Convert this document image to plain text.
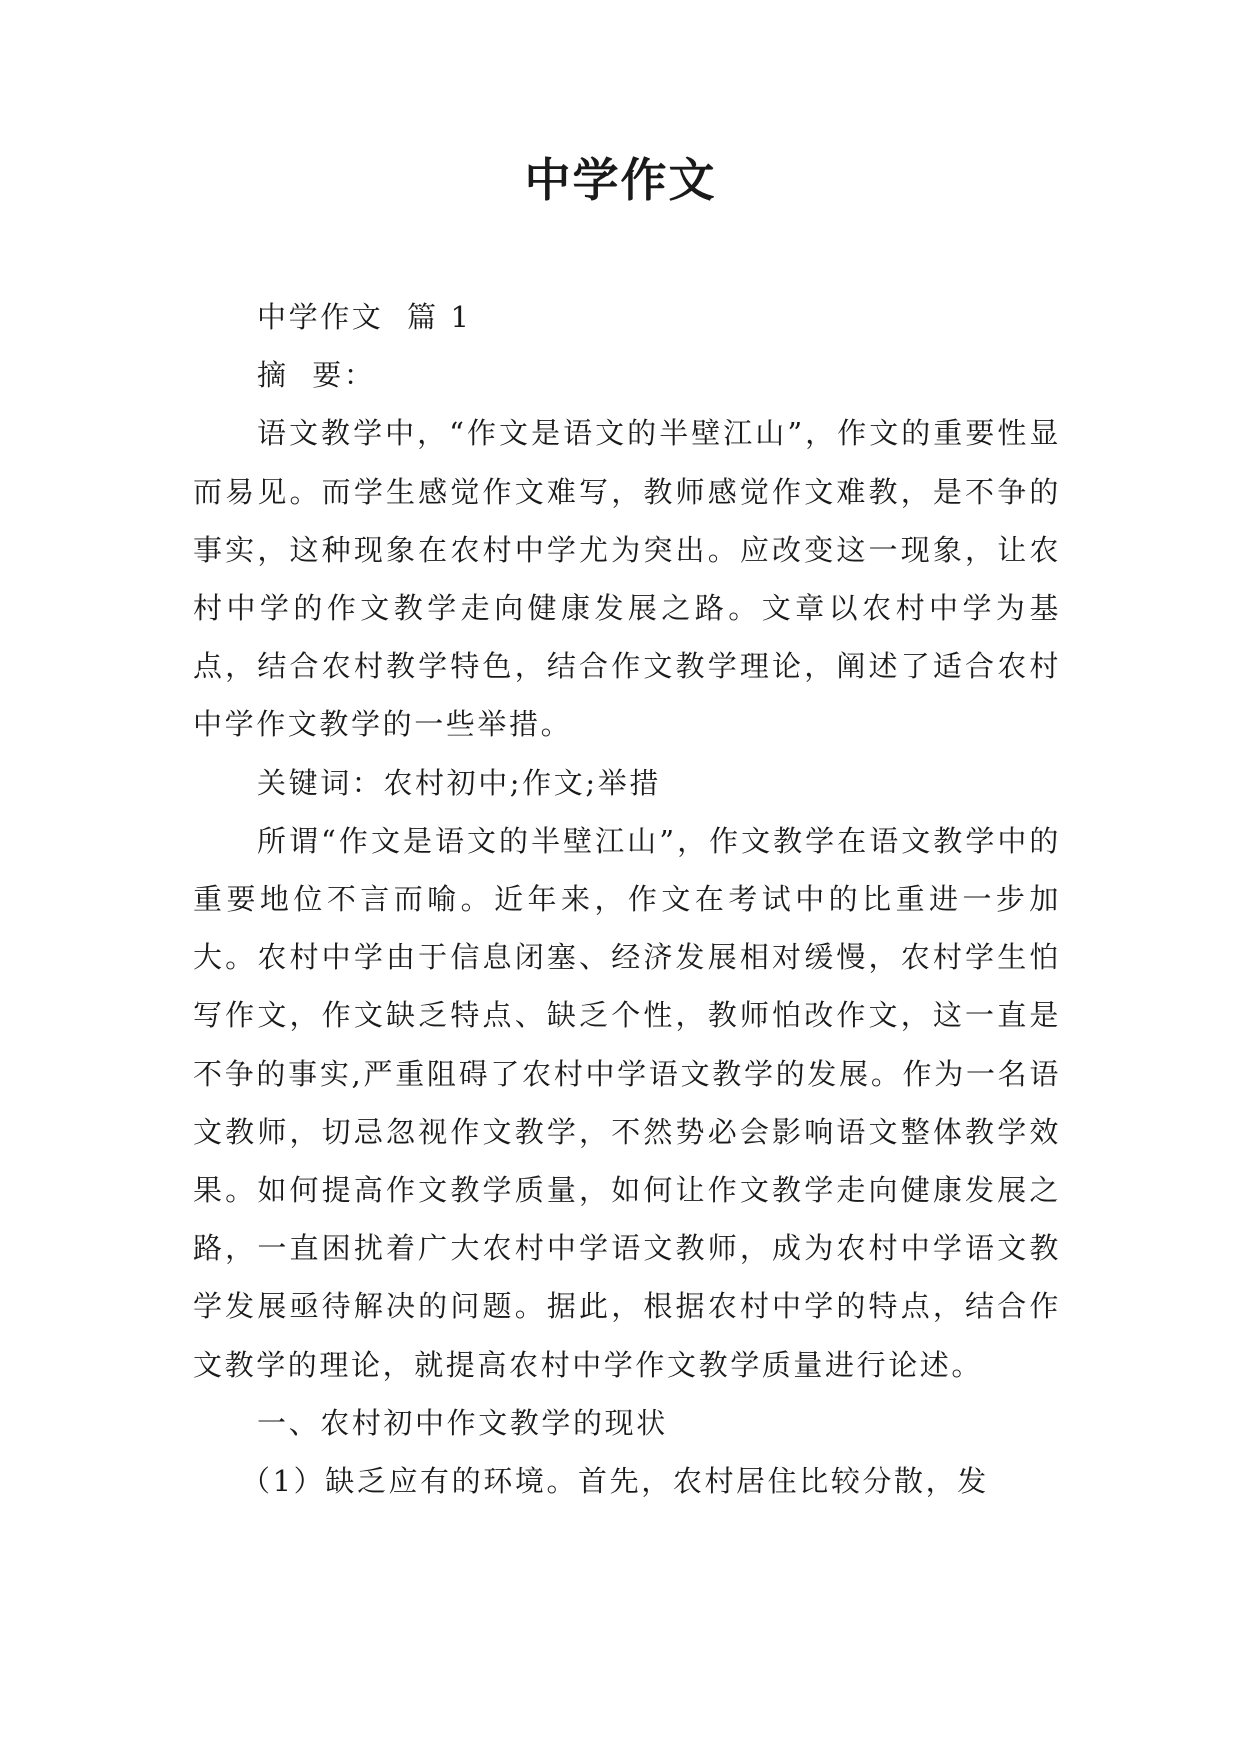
中学作文

中学作文  篇 1

摘  要：

语文教学中，“作文是语文的半壁江山”，作文的重要性显而易见。而学生感觉作文难写，教师感觉作文难教，是不争的事实，这种现象在农村中学尤为突出。应改变这一现象，让农村中学的作文教学走向健康发展之路。文章以农村中学为基点，结合农村教学特色，结合作文教学理论，阐述了适合农村中学作文教学的一些举措。

关键词：农村初中;作文;举措

所谓“作文是语文的半壁江山”，作文教学在语文教学中的重要地位不言而喻。近年来，作文在考试中的比重进一步加大。农村中学由于信息闭塞、经济发展相对缓慢，农村学生怕写作文，作文缺乏特点、缺乏个性，教师怕改作文，这一直是不争的事实,严重阻碍了农村中学语文教学的发展。作为一名语文教师，切忌忽视作文教学，不然势必会影响语文整体教学效果。如何提高作文教学质量，如何让作文教学走向健康发展之路，一直困扰着广大农村中学语文教师，成为农村中学语文教学发展亟待解决的问题。据此，根据农村中学的特点，结合作文教学的理论，就提高农村中学作文教学质量进行论述。

一、农村初中作文教学的现状

（1）缺乏应有的环境。首先，农村居住比较分散，发
